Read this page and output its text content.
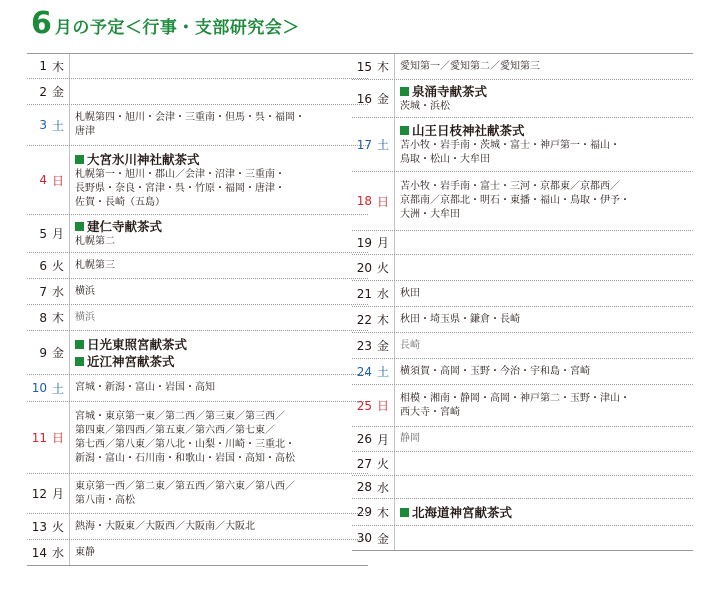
6 月の予定＜行事・支部研究会＞
1 木
2 金
3 土
札幌第四・旭川・会津・三重南・但馬・呉・福岡・
唐津
4 日
大宮氷川神社献茶式
札幌第一・旭川・郡山／会津・沼津・三重南・
長野県・奈良・宮津・呉・竹原・福岡・唐津・
佐賀・長崎（五島）
5 月	建仁寺献茶式
札幌第二
6 火	札幌第三
7 水	横浜
8 木	横浜
9 金
日光東照宮献茶式
近江神宮献茶式
10 土	宮城・新潟・富山・岩国・高知
11 日
宮城・東京第一東／第二西／第三東／第三西／
第四東／第四西／第五東／第六西／第七東／
第七西／第八東／第八北・山梨・川崎・三重北・
新潟・富山・石川南・和歌山・岩国・高知・高松
12 月
東京第一西／第二東／第五西／第六東／第八西／
第八南・高松
13 火	熱海・大阪東／大阪西／大阪南／大阪北
14 水	東静
15 木	愛知第一／愛知第二／愛知第三
16 金	泉涌寺献茶式
茨城・浜松
17 土
山王日枝神社献茶式
苫小牧・岩手南・茨城・富士・神戸第一・福山・
鳥取・松山・大牟田
18 日
苫小牧・岩手南・富士・三河・京都東／京都西／
京都南／京都北・明石・東播・福山・鳥取・伊予・
大洲・大牟田
19 月
20 火
21 水	秋田
22 木	秋田・埼玉県・鎌倉・長崎
23 金	長崎
24 土	横須賀・高岡・玉野・今治・宇和島・宮崎
25 日
相模・湘南・静岡・高岡・神戸第二・玉野・津山・
西大寺・宮崎
26 月	静岡
27 火
28 水
29 木	北海道神宮献茶式
30 金
